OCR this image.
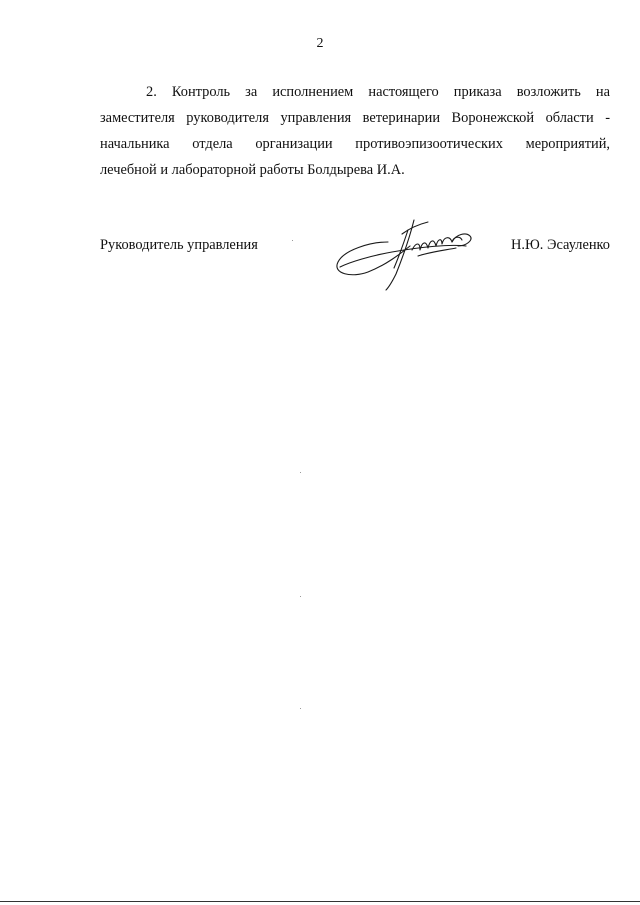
2
2. Контроль за исполнением настоящего приказа возложить на
заместителя руководителя управления ветеринарии Воронежской области -
начальника отдела организации противоэпизоотических мероприятий,
лечебной и лабораторной работы Болдырева И.А.
Руководитель управления	Н.Ю. Эсауленко
